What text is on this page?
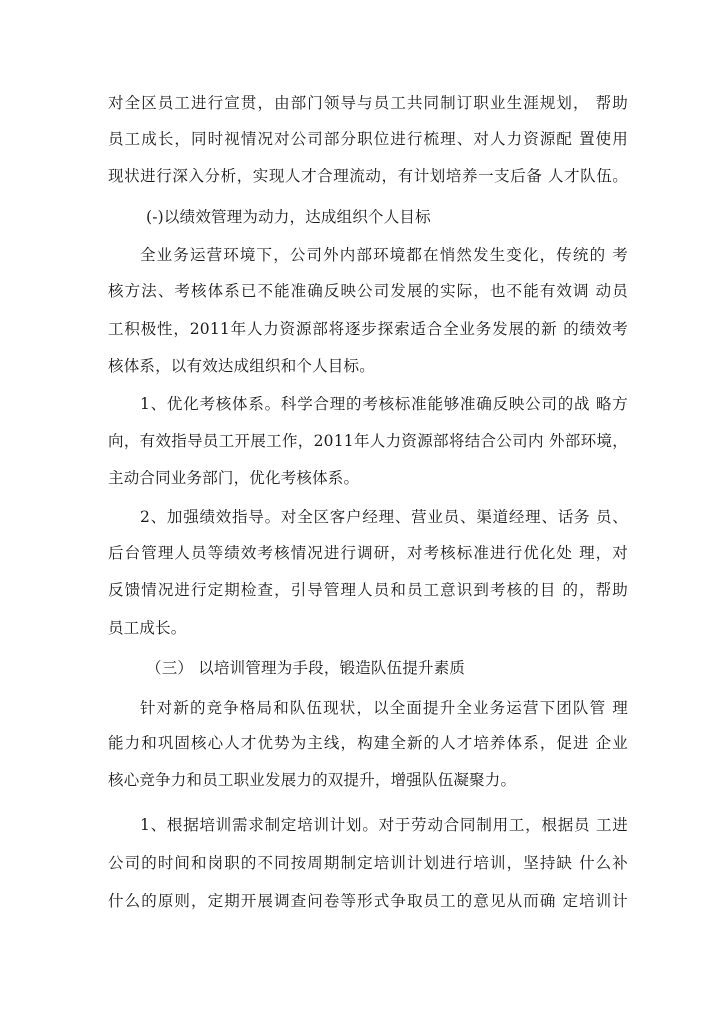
对全区员工进行宣贯，由部门领导与员工共同制订职业生涯规划， 帮助
员工成长，同时视情况对公司部分职位进行梳理、对人力资源配 置使用
现状进行深入分析，实现人才合理流动，有计划培养一支后备 人才队伍。
(-)以绩效管理为动力，达成组织个人目标
全业务运营环境下，公司外内部环境都在悄然发生变化，传统的 考
核方法、考核体系已不能准确反映公司发展的实际，也不能有效调 动员
工积极性，2011年人力资源部将逐步探索适合全业务发展的新 的绩效考
核体系，以有效达成组织和个人目标。
1、优化考核体系。科学合理的考核标准能够准确反映公司的战 略方
向，有效指导员工开展工作，2011年人力资源部将结合公司内 外部环境，
主动合同业务部门，优化考核体系。
2、加强绩效指导。对全区客户经理、营业员、渠道经理、话务 员、
后台管理人员等绩效考核情况进行调研，对考核标准进行优化处 理，对
反馈情况进行定期检查，引导管理人员和员工意识到考核的目 的，帮助
员工成长。
（三） 以培训管理为手段，锻造队伍提升素质
针对新的竞争格局和队伍现状，以全面提升全业务运营下团队管 理
能力和巩固核心人才优势为主线，构建全新的人才培养体系，促进 企业
核心竞争力和员工职业发展力的双提升，增强队伍凝聚力。
1、根据培训需求制定培训计划。对于劳动合同制用工，根据员 工进
公司的时间和岗职的不同按周期制定培训计划进行培训，坚持缺 什么补
什么的原则，定期开展调查问卷等形式争取员工的意见从而确 定培训计
